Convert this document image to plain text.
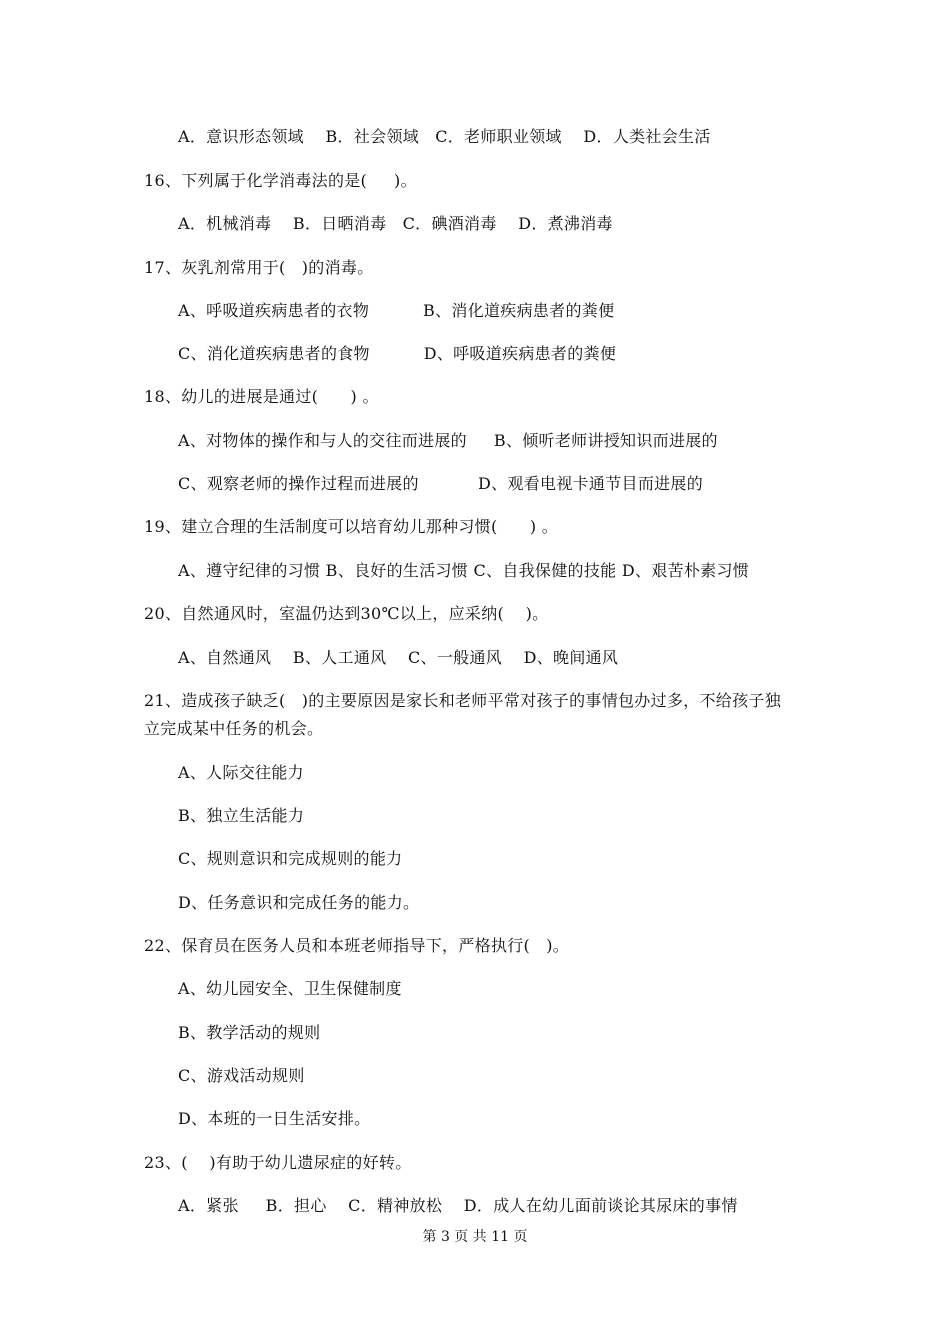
A．意识形态领域    B．社会领域   C．老师职业领域    D．人类社会生活
16、下列属于化学消毒法的是(     )。
A．机械消毒    B．日晒消毒   C．碘酒消毒    D．煮沸消毒
17、灰乳剂常用于(   )的消毒。
A、呼吸道疾病患者的衣物          B、消化道疾病患者的粪便
C、消化道疾病患者的食物          D、呼吸道疾病患者的粪便
18、幼儿的进展是通过(      ) 。
A、对物体的操作和与人的交往而进展的     B、倾听老师讲授知识而进展的
C、观察老师的操作过程而进展的           D、观看电视卡通节目而进展的
19、建立合理的生活制度可以培育幼儿那种习惯(      ) 。
A、遵守纪律的习惯 B、良好的生活习惯 C、自我保健的技能 D、艰苦朴素习惯
20、自然通风时，室温仍达到30℃以上，应采纳(    )。
A、自然通风    B、人工通风    C、一般通风    D、晚间通风
21、造成孩子缺乏(   )的主要原因是家长和老师平常对孩子的事情包办过多，不给孩子独
立完成某中任务的机会。
A、人际交往能力
B、独立生活能力
C、规则意识和完成规则的能力
D、任务意识和完成任务的能力。
22、保育员在医务人员和本班老师指导下，严格执行(   )。
A、幼儿园安全、卫生保健制度
B、教学活动的规则
C、游戏活动规则
D、本班的一日生活安排。
23、(    )有助于幼儿遗尿症的好转。
A．紧张     B．担心    C．精神放松    D．成人在幼儿面前谈论其尿床的事情
第 3 页 共 11 页
